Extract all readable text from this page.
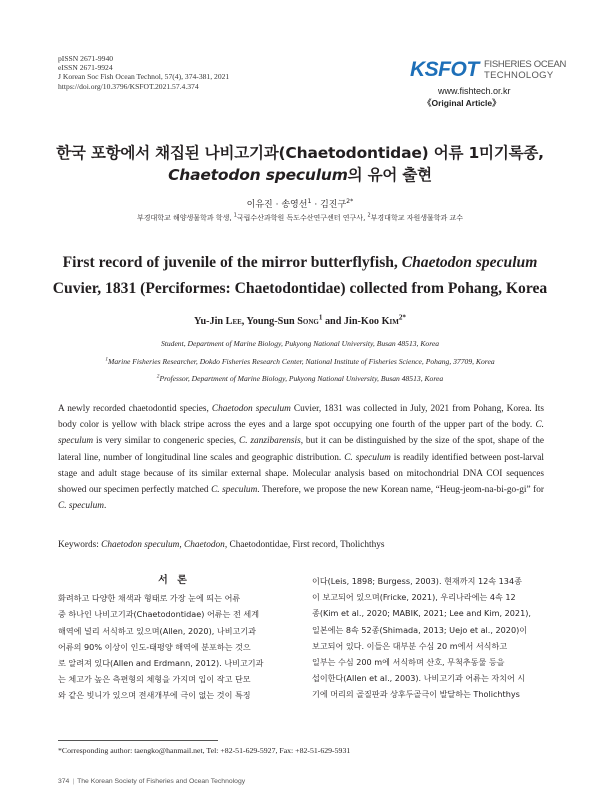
pISSN 2671-9940
eISSN 2671-9924
J Korean Soc Fish Ocean Technol, 57(4), 374-381, 2021
https://doi.org/10.3796/KSFOT.2021.57.4.374
KSFOT FISHERIES OCEAN
TECHNOLOGY
www.fishtech.or.kr
《Original Article》
한국 포항에서 채집된 나비고기과(Chaetodontidae) 어류 1미기록종,
Chaetodon speculum의 유어 출현
이유진 · 송영선$^1$ · 김진구$^{2*}$
부경대학교 해양생물학과 학생, $^1$국립수산과학원 독도수산연구센터 연구사, $^2$부경대학교 자원생물학과 교수
First record of juvenile of the mirror butterflyfish, Chaetodon speculum
Cuvier, 1831 (Perciformes: Chaetodontidae) collected from Pohang, Korea
Yu-Jin Lee, Young-Sun Song$^1$ and Jin-Koo Kim$^{2*}$
Student, Department of Marine Biology, Pukyong National University, Busan 48513, Korea
$^1$Marine Fisheries Researcher, Dokdo Fisheries Research Center, National Institute of Fisheries Science, Pohang, 37709, Korea
$^2$Professor, Department of Marine Biology, Pukyong National University, Busan 48513, Korea
A newly recorded chaetodontid species, Chaetodon speculum Cuvier, 1831 was collected in July, 2021 from Pohang, Korea. Its body color is yellow with black stripe across the eyes and a large spot occupying one fourth of the upper part of the body. C. speculum is very similar to congeneric species, C. zanzibarensis, but it can be distinguished by the size of the spot, shape of the lateral line, number of longitudinal line scales and geographic distribution. C. speculum is readily identified between post-larval stage and adult stage because of its similar external shape. Molecular analysis based on mitochondrial DNA COI sequences showed our specimen perfectly matched C. speculum. Therefore, we propose the new Korean name, “Heug-jeom-na-bi-go-gi” for C. speculum.
Keywords: Chaetodon speculum, Chaetodon, Chaetodontidae, First record, Tholichthys
서 론
화려하고 다양한 채색과 형태로 가장 눈에 띄는 어류
중 하나인 나비고기과(Chaetodontidae) 어류는 전 세계
해역에 널리 서식하고 있으며(Allen, 2020), 나비고기과
어류의 90% 이상이 인도-태평양 해역에 분포하는 것으
로 알려져 있다(Allen and Erdmann, 2012). 나비고기과
는 체고가 높은 측편형의 체형을 가지며 입이 작고 단모
와 같은 빗니가 있으며 전새개부에 극이 없는 것이 특징
이다(Leis, 1898; Burgess, 2003). 현재까지 12속 134종
이 보고되어 있으며(Fricke, 2021), 우리나라에는 4속 12
종(Kim et al., 2020; MABIK, 2021; Lee and Kim, 2021),
일본에는 8속 52종(Shimada, 2013; Uejo et al., 2020)이
보고되어 있다. 이들은 대부분 수심 20 m에서 서식하고
일부는 수심 200 m에 서식하며 산호, 무척추동물 등을
섭이한다(Allen et al., 2003). 나비고기과 어류는 자치어 시
기에 머리의 골질판과 상후두골극이 발달하는 Tholichthys
*Corresponding author: taengko@hanmail.net, Tel: +82-51-629-5927, Fax: +82-51-629-5931
374 | The Korean Society of Fisheries and Ocean Technology
